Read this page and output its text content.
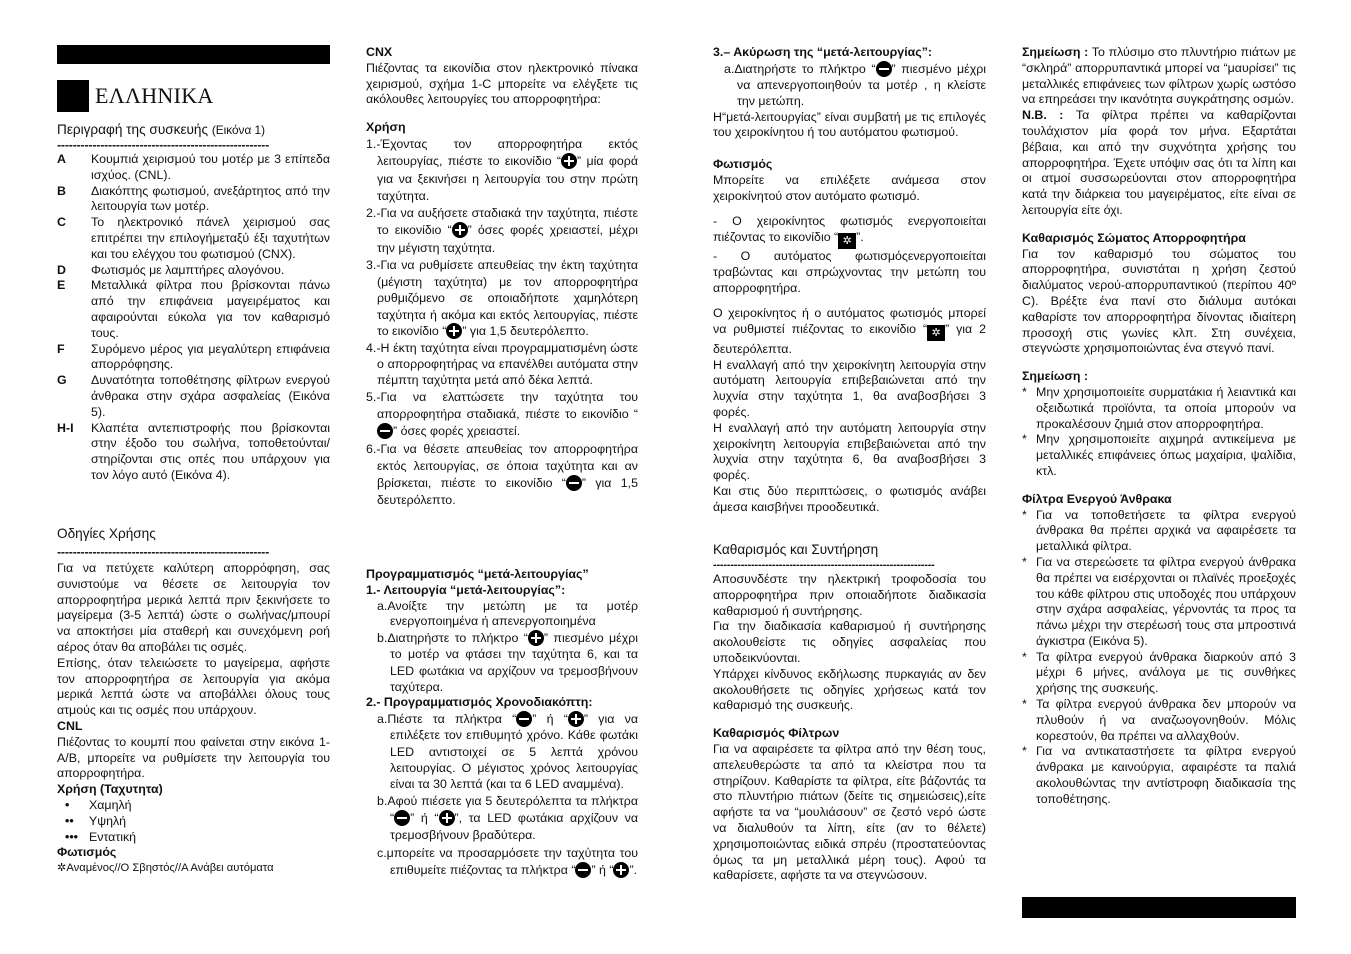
ΕΛΛΗΝΙΚΑ
Περιγραφή της συσκευής (Εικόνα 1)
------------------------------------------------------
A	Κουμπιά χειρισμού του μοτέρ με 3 επίπεδα ισχύος. (CNL).
B	Διακόπτης φωτισμού, ανεξάρτητος από την λειτουργία των μοτέρ.
C	Το ηλεκτρονικό πάνελ χειρισμού σας επιτρέπει την επιλογήμεταξύ έξι ταχυτήτων και του ελέγχου του φωτισμού (CNX).
D	Φωτισμός με λαμπτήρες αλογόνου.
E	Μεταλλικά φίλτρα που βρίσκονται πάνω από την επιφάνεια μαγειρέματος και αφαιρούνται εύκολα για τον καθαρισμό τους.
F	Συρόμενο μέρος για μεγαλύτερη επιφάνεια απορρόφησης.
G	Δυνατότητα τοποθέτησης φίλτρων ενεργού άνθρακα στην σχάρα ασφαλείας (Εικόνα 5).
H-I	Κλαπέτα αντεπιστροφής που βρίσκονται στην έξοδο του σωλήνα, τοποθετούνται/στηρίζονται στις οπές που υπάρχουν για τον λόγο αυτό (Εικόνα 4).
Οδηγίες Χρήσης
------------------------------------------------------
Για να πετύχετε καλύτερη απορρόφηση, σας συνιστούμε να θέσετε σε λειτουργία τον απορροφητήρα μερικά λεπτά πριν ξεκινήσετε το μαγείρεμα (3-5 λεπτά) ώστε ο σωλήνας/μπουρί να αποκτήσει μία σταθερή και συνεχόμενη ροή αέρος όταν θα αποβάλει τις οσμές.
Επίσης, όταν τελειώσετε το μαγείρεμα, αφήστε τον απορροφητήρα σε λειτουργία για ακόμα μερικά λεπτά ώστε να αποβάλλει όλους τους ατμούς και τις οσμές που υπάρχουν.
CNL
Πιέζοντας το κουμπί που φαίνεται στην εικόνα 1-A/B, μπορείτε να ρυθμίσετε την λειτουργία του απορροφητήρα.
Χρήση (Ταχυτητα)
• Χαμηλή
•• Υψηλή
••• Εντατική
Φωτισμός
✲Αναμένος//Ο Σβηστός//Α Ανάβει αυτόματα
CNX
Πιέζοντας τα εικονίδια στον ηλεκτρονικό πίνακα χειρισμού, σχήμα 1-C μπορείτε να ελέγξετε τις ακόλουθες λειτουργίες του απορροφητήρα:
Χρήση
1.-Έχοντας τον απορροφητήρα εκτός λειτουργίας, πιέστε το εικονίδιο “ ” μία φορά για να ξεκινήσει η λειτουργία του στην πρώτη ταχύτητα.
2.-Για να αυξήσετε σταδιακά την ταχύτητα, πιέστε το εικονίδιο “ ” όσες φορές χρειαστεί, μέχρι την μέγιστη ταχύτητα.
3.-Για να ρυθμίσετε απευθείας την έκτη ταχύτητα (μέγιστη ταχύτητα) με τον απορροφητήρα ρυθμιζόμενο σε οποιαδήποτε χαμηλότερη ταχύτητα ή ακόμα και εκτός λειτουργίας, πιέστε το εικονίδιο “ ” για 1,5 δευτερόλεπτο.
4.-Η έκτη ταχύτητα είναι προγραμματισμένη ώστε ο απορροφητήρας να επανέλθει αυτόματα στην πέμπτη ταχύτητα μετά από δέκα λεπτά.
5.-Για να ελαττώσετε την ταχύτητα του απορροφητήρα σταδιακά, πιέστε το εικονίδιο “” όσες φορές χρειαστεί.
6.-Για να θέσετε απευθείας τον απορροφητήρα εκτός λειτουργίας, σε όποια ταχύτητα και αν βρίσκεται, πιέστε το εικονίδιο “ ” για 1,5 δευτερόλεπτο.
Προγραμματισμός “μετά-λειτουργίας”
1.- Λειτουργία “μετά-λειτουργίας”:
a.Ανοίξτε την μετώπη με τα μοτέρ ενεργοποιημένα ή απενεργοποιημένα
b.Διατηρήστε το πλήκτρο “ ” πιεσμένο μέχρι το μοτέρ να φτάσει την ταχύτητα 6, και τα LED φωτάκια να αρχίζουν να τρεμοσβήνουν ταχύτερα.
2.- Προγραμματισμός Χρονοδιακόπτη:
a.Πιέστε τα πλήκτρα “ ” ή “ ” για να επιλέξετε τον επιθυμητό χρόνο. Κάθε φωτάκι LED αντιστοιχεί σε 5 λεπτά χρόνου λειτουργίας. Ο μέγιστος χρόνος λειτουργίας είναι τα 30 λεπτά (και τα 6 LED αναμμένα).
b.Αφού πιέσετε για 5 δευτερόλεπτα τα πλήκτρα “ ” ή “ ”, τα LED φωτάκια αρχίζουν να τρεμοσβήνουν βραδύτερα.
c.μπορείτε να προσαρμόσετε την ταχύτητα του επιθυμείτε πιέζοντας τα πλήκτρα “ ” ή “ ”.
3.– Ακύρωση της “μετά-λειτουργίας”:
a.Διατηρήστε το πλήκτρο “ ” πιεσμένο μέχρι να απενεργοποιηθούν τα μοτέρ , η κλείστε την μετώπη.
Η“μετά-λειτουργίας” είναι συμβατή με τις επιλογές του χειροκίνητου ή του αυτόματου φωτισμού.
Φωτισμός
Μπορείτε να επιλέξετε ανάμεσα στον χειροκίνητού στον αυτόματο φωτισμό.
- Ο χειροκίνητος φωτισμός ενεργοποιείται πιέζοντας το εικονίδιο “ ✲ ”.
- Ο αυτόματος φωτισμόςενεργοποιείται τραβώντας και σπρώχνοντας την μετώπη του απορροφητήρα.
Ο χειροκίνητος ή ο αυτόματος φωτισμός μπορεί να ρυθμιστεί πιέζοντας το εικονίδιο “ ✲ ” για 2 δευτερόλεπτα.
Η εναλλαγή από την χειροκίνητη λειτουργία στην αυτόματη λειτουργία επιβεβαιώνεται από την λυχνία στην ταχύτητα 1, θα αναβοσβήσει 3 φορές.
Η εναλλαγή από την αυτόματη λειτουργία στην χειροκίνητη λειτουργία επιβεβαιώνεται από την λυχνία στην ταχύτητα 6, θα αναβοσβήσει 3 φορές.
Και στις δύο περιπτώσεις, ο φωτισμός ανάβει άμεσα καισβήνει προοδευτικά.
Καθαρισμός και Συντήρηση
----------------------------------------------------------------
Αποσυνδέστε την ηλεκτρική τροφοδοσία του απορροφητήρα πριν οποιαδήποτε διαδικασία καθαρισμού ή συντήρησης.
Για την διαδικασία καθαρισμού ή συντήρησης ακολουθείστε τις οδηγίες ασφαλείας που υποδεικνύονται.
Υπάρχει κίνδυνος εκδήλωσης πυρκαγιάς αν δεν ακολουθήσετε τις οδηγίες χρήσεως κατά τον καθαρισμό της συσκευής.
Καθαρισμός Φίλτρων
Για να αφαιρέσετε τα φίλτρα από την θέση τους, απελευθερώστε τα από τα κλείστρα που τα στηρίζουν. Καθαρίστε τα φίλτρα, είτε βάζοντάς τα στο πλυντήριο πιάτων (δείτε τις σημειώσεις),είτε αφήστε τα να “μουλιάσουν” σε ζεστό νερό ώστε να διαλυθούν τα λίπη, είτε (αν το θέλετε) χρησιμοποιώντας ειδικά σπρέυ (προστατεύοντας όμως τα μη μεταλλικά μέρη τους). Αφού τα καθαρίσετε, αφήστε τα να στεγνώσουν.
Σημείωση : Το πλύσιμο στο πλυντήριο πιάτων με “σκληρά” απορρυπαντικά μπορεί να “μαυρίσει” τις μεταλλικές επιφάνειες των φίλτρων χωρίς ωστόσο να επηρεάσει την ικανότητα συγκράτησης οσμών.
N.B. : Τα φίλτρα πρέπει να καθαρίζονται τουλάχιστον μία φορά τον μήνα. Εξαρτάται βέβαια, και από την συχνότητα χρήσης του απορροφητήρα. Έχετε υπόψιν σας ότι τα λίπη και οι ατμοί συσσωρεύονται στον απορροφητήρα κατά την διάρκεια του μαγειρέματος, είτε είναι σε λειτουργία είτε όχι.
Καθαρισμός Σώματος Απορροφητήρα
Για τον καθαρισμό του σώματος του απορροφητήρα, συνιστάται η χρήση ζεστού διαλύματος νερού-απορρυπαντικού (περίπου 40º C). Βρέξτε ένα πανί στο διάλυμα αυτόκαι καθαρίστε τον απορροφητήρα δίνοντας ιδιαίτερη προσοχή στις γωνίες κλπ. Στη συνέχεια, στεγνώστε χρησιμοποιώντας ένα στεγνό πανί.
Σημείωση :
* Μην χρησιμοποιείτε συρματάκια ή λειαντικά και οξειδωτικά προϊόντα, τα οποία μπορούν να προκαλέσουν ζημιά στον απορροφητήρα.
* Μην χρησιμοποιείτε αιχμηρά αντικείμενα με μεταλλικές επιφάνειες όπως μαχαίρια, ψαλίδια, κτλ.
Φίλτρα Ενεργού Άνθρακα
* Για να τοποθετήσετε τα φίλτρα ενεργού άνθρακα θα πρέπει αρχικά να αφαιρέσετε τα μεταλλικά φίλτρα.
* Για να στερεώσετε τα φίλτρα ενεργού άνθρακα θα πρέπει να εισέρχονται οι πλαϊνές προεξοχές του κάθε φίλτρου στις υποδοχές που υπάρχουν στην σχάρα ασφαλείας, γέρνοντάς τα προς τα πάνω μέχρι την στερέωσή τους στα μπροστινά άγκιστρα (Εικόνα 5).
* Τα φίλτρα ενεργού άνθρακα διαρκούν από 3 μέχρι 6 μήνες, ανάλογα με τις συνθήκες χρήσης της συσκευής.
* Τα φίλτρα ενεργού άνθρακα δεν μπορούν να πλυθούν ή να αναζωογονηθούν. Μόλις κορεστούν, θα πρέπει να αλλαχθούν.
* Για να αντικαταστήσετε τα φίλτρα ενεργού άνθρακα με καινούργια, αφαιρέστε τα παλιά ακολουθώντας την αντίστροφη διαδικασία της τοποθέτησης.
